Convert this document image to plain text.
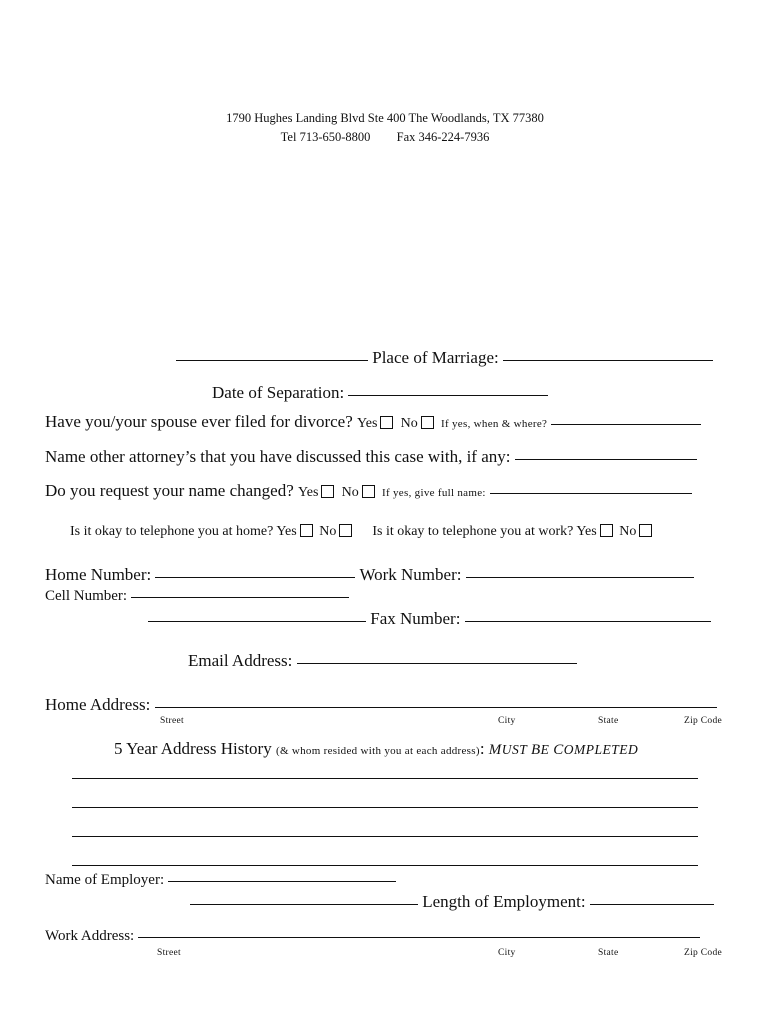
1790 Hughes Landing Blvd Ste 400 The Woodlands, TX 77380
Tel 713-650-8800 Fax 346-224-7936
Place of Marriage:
Date of Separation:
Have you/your spouse ever filed for divorce? Yes No If yes, when & where?
Name other attorney’s that you have discussed this case with, if any:
Do you request your name changed? Yes No If yes, give full name:
Is it okay to telephone you at home? Yes No	Is it okay to telephone you at work? Yes No
Home Number:	Work Number:
Cell Number:
Fax Number:
Email Address:
Home Address:
Street	City	State	Zip Code
5 Year Address History (& whom resided with you at each address): MUST BE COMPLETED
Name of Employer:
Length of Employment:
Work Address:
Street	City	State	Zip Code
